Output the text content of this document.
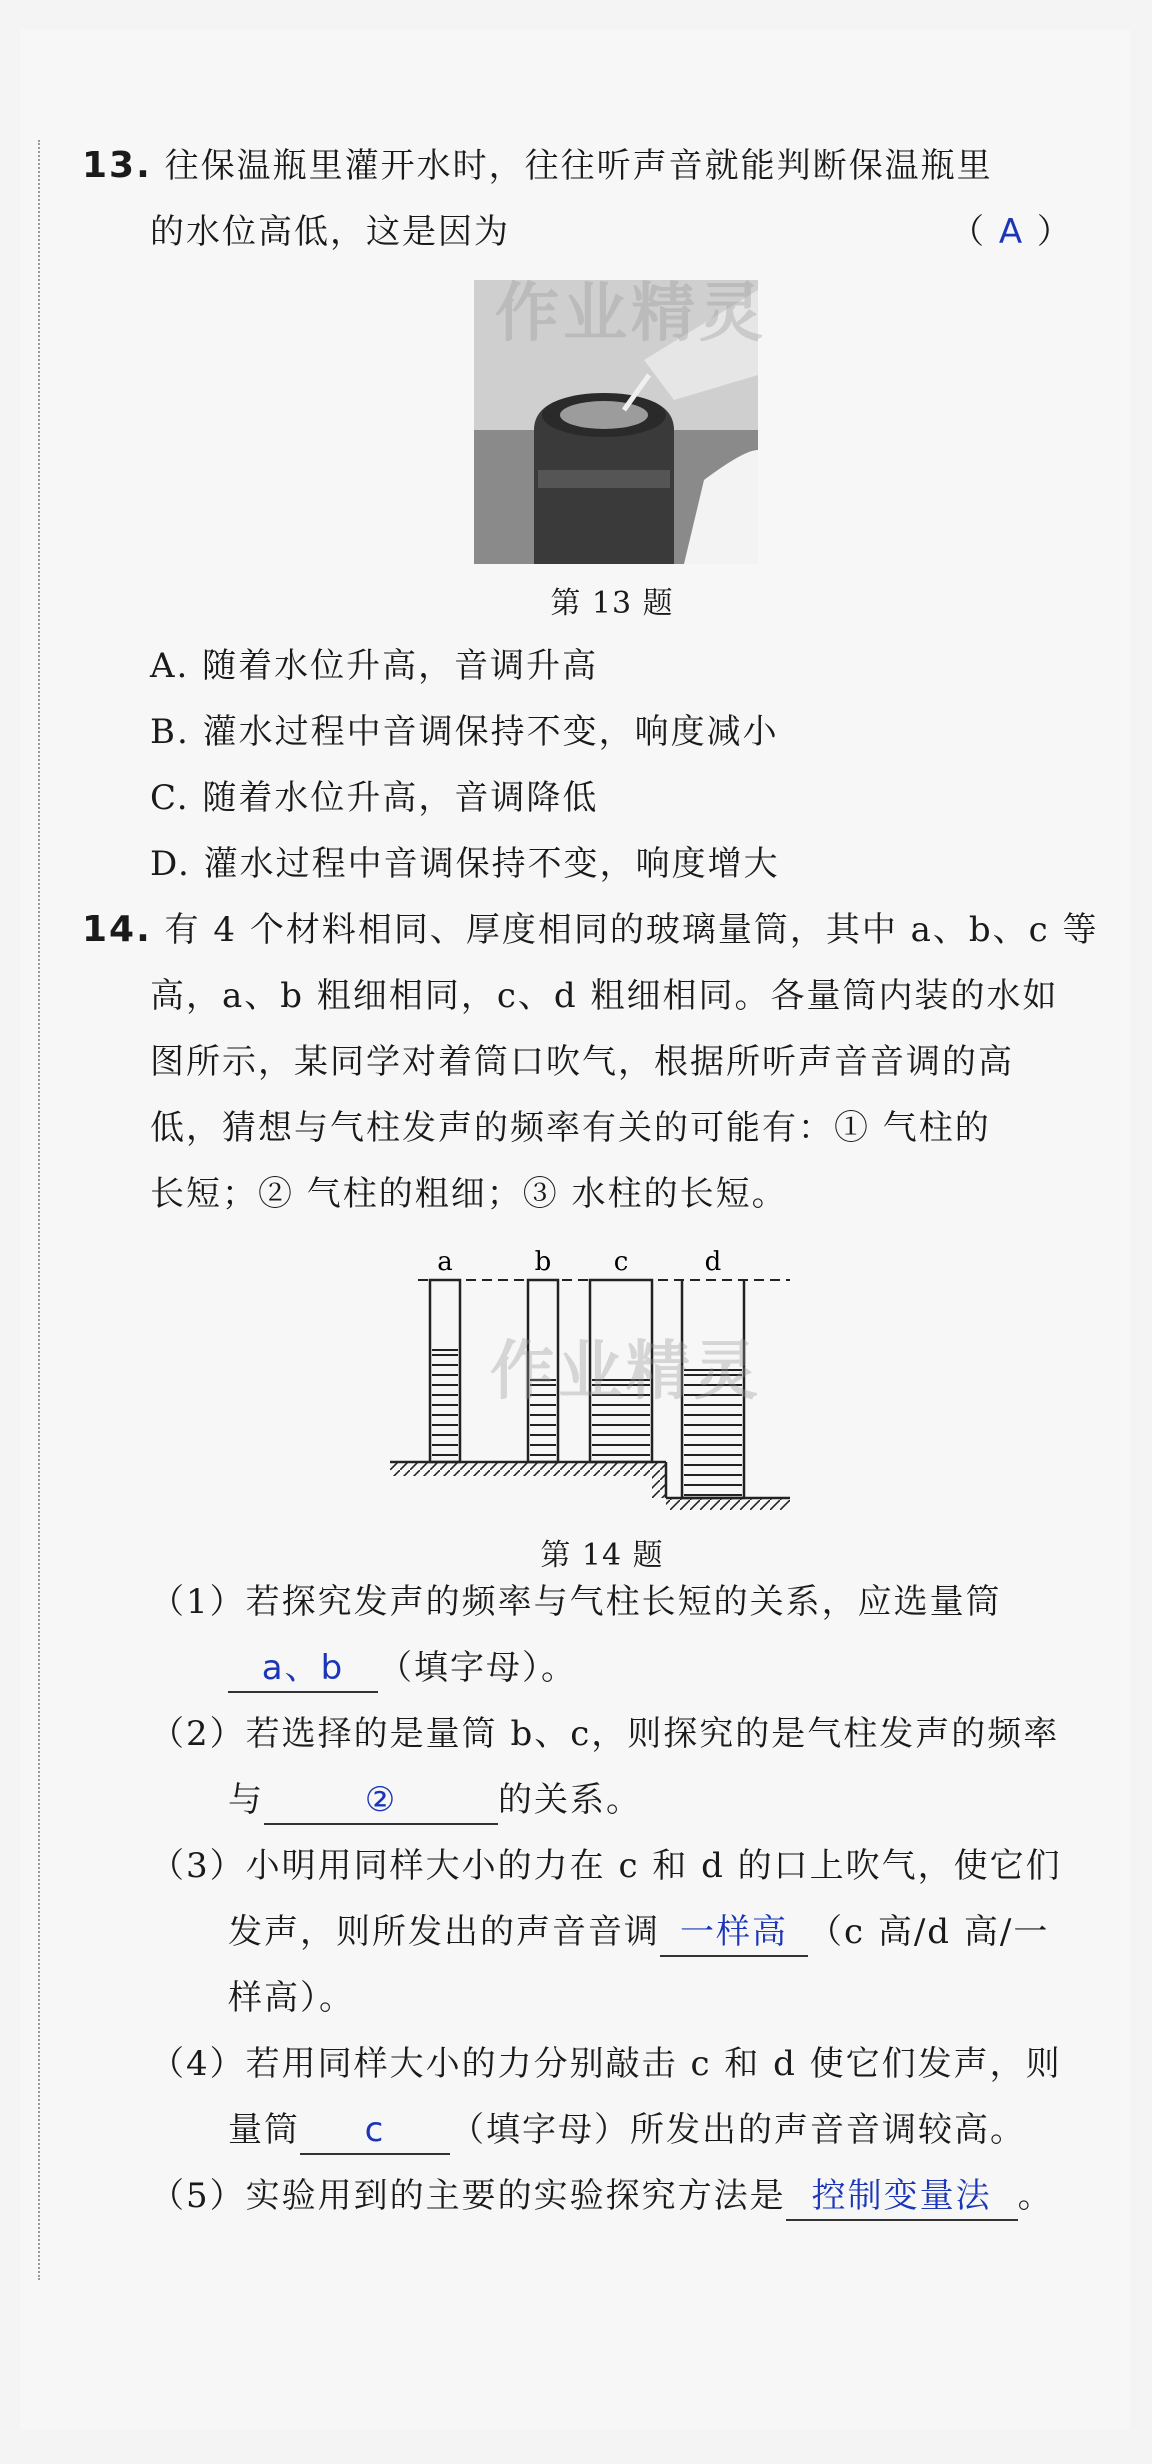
13. 往保温瓶里灌开水时，往往听声音就能判断保温瓶里
的水位高低，这是因为	（ A ）
作业精灵
第 13 题
A. 随着水位升高，音调升高
B. 灌水过程中音调保持不变，响度减小
C. 随着水位升高，音调降低
D. 灌水过程中音调保持不变，响度增大
14. 有 4 个材料相同、厚度相同的玻璃量筒，其中 a、b、c 等
高，a、b 粗细相同，c、d 粗细相同。各量筒内装的水如
图所示，某同学对着筒口吹气，根据所听声音音调的高
低，猜想与气柱发声的频率有关的可能有：① 气柱的
长短；② 气柱的粗细；③ 水柱的长短。
a	b c	d
作业精灵
第 14 题
（1）若探究发声的频率与气柱长短的关系，应选量筒
a、b （填字母）。
（2）若选择的是量筒 b、c，则探究的是气柱发声的频率
与	②	的关系。
（3）小明用同样大小的力在 c 和 d 的口上吹气，使它们
发声，则所发出的声音音调 一样高 （c 高/d 高/一
样高）。
（4）若用同样大小的力分别敲击 c 和 d 使它们发声，则
量筒 c （填字母）所发出的声音音调较高。
（5）实验用到的主要的实验探究方法是 控制变量法 。
